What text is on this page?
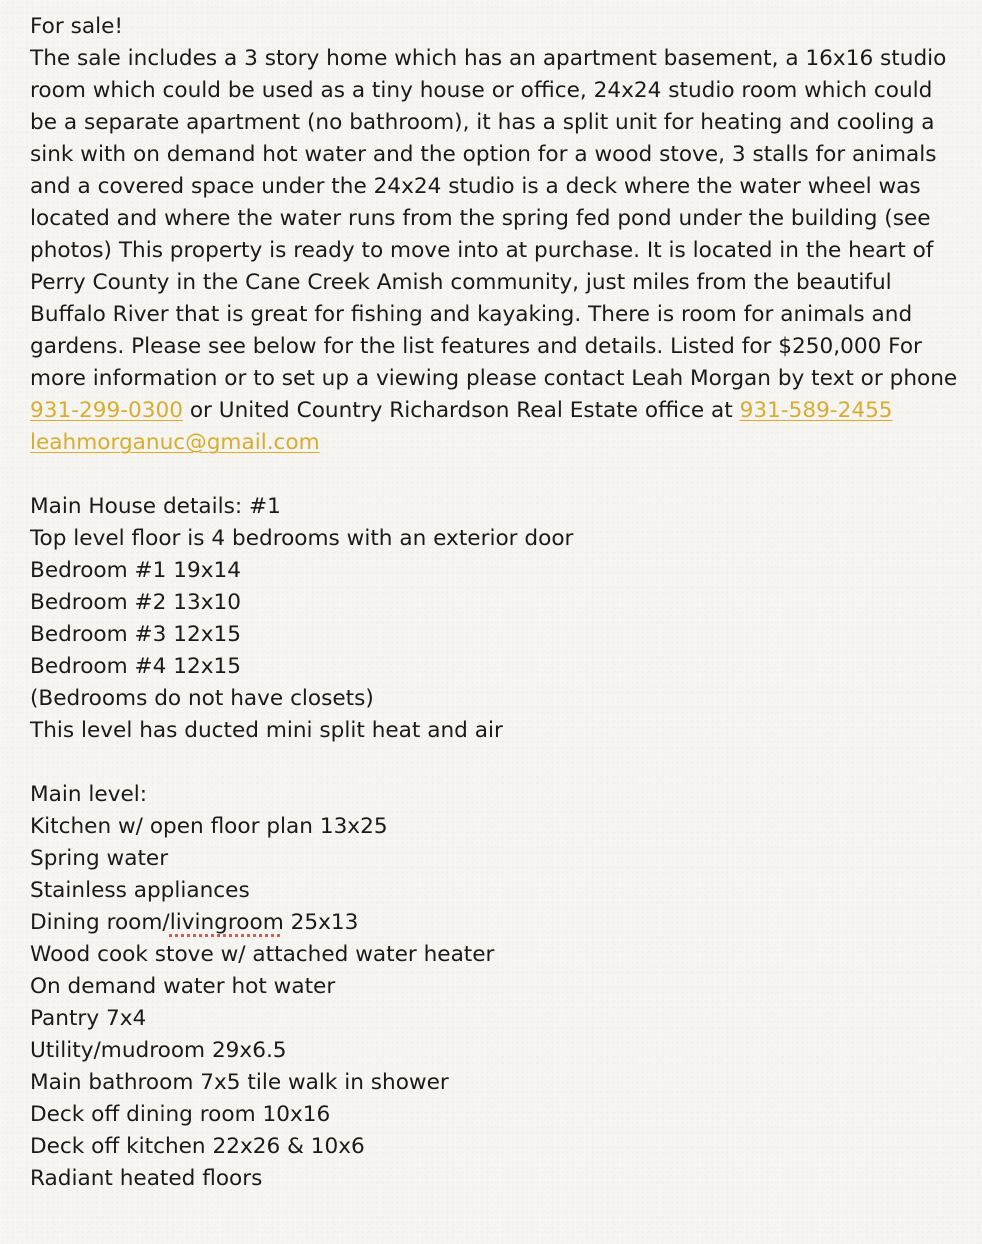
For sale!
The sale includes a 3 story home which has an apartment basement, a 16x16 studio room which could be used as a tiny house or office, 24x24 studio room which could be a separate apartment (no bathroom), it has a split unit for heating and cooling a sink with on demand hot water and the option for a wood stove, 3 stalls for animals and a covered space under the 24x24 studio is a deck where the water wheel was located and where the water runs from the spring fed pond under the building (see photos) This property is ready to move into at purchase. It is located in the heart of Perry County in the Cane Creek Amish community, just miles from the beautiful Buffalo River that is great for fishing and kayaking. There is room for animals and gardens. Please see below for the list features and details. Listed for $250,000 For more information or to set up a viewing please contact Leah Morgan by text or phone 931-299-0300 or United Country Richardson Real Estate office at 931-589-2455
leahmorganuc@gmail.com
Main House details: #1
Top level floor is 4 bedrooms with an exterior door
Bedroom #1 19x14
Bedroom #2 13x10
Bedroom #3 12x15
Bedroom #4 12x15
(Bedrooms do not have closets)
This level has ducted mini split heat and air
Main level:
Kitchen w/ open floor plan 13x25
Spring water
Stainless appliances
Dining room/livingroom 25x13
Wood cook stove w/ attached water heater
On demand water hot water
Pantry 7x4
Utility/mudroom 29x6.5
Main bathroom 7x5 tile walk in shower
Deck off dining room 10x16
Deck off kitchen 22x26 & 10x6
Radiant heated floors
